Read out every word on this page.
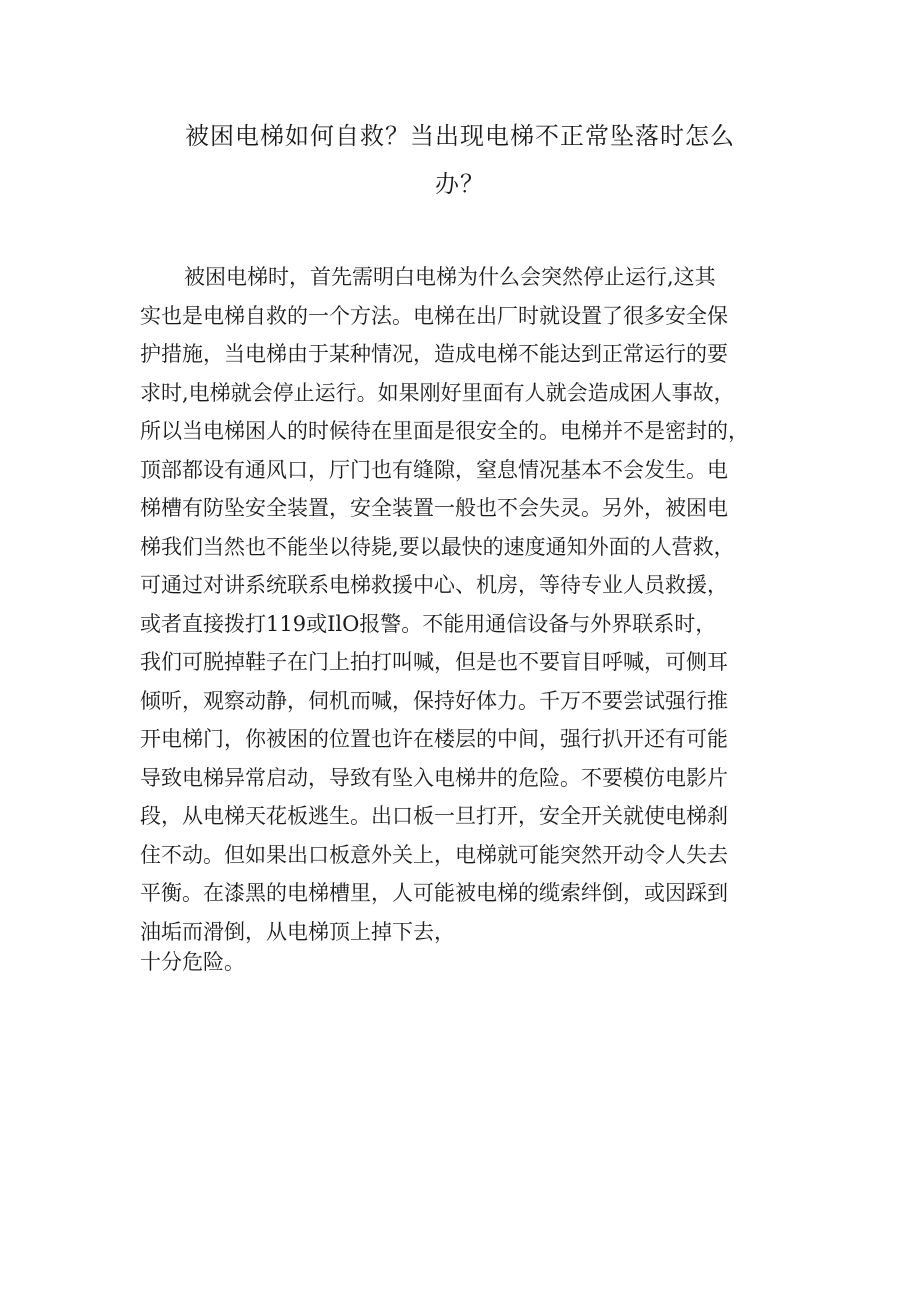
被困电梯如何自救？当出现电梯不正常坠落时怎么
办？
被困电梯时，首先需明白电梯为什么会突然停止运行,这其
实也是电梯自救的一个方法。电梯在出厂时就设置了很多安全保
护措施，当电梯由于某种情况，造成电梯不能达到正常运行的要
求时,电梯就会停止运行。如果刚好里面有人就会造成困人事故，
所以当电梯困人的时候待在里面是很安全的。电梯并不是密封的，
顶部都设有通风口，厅门也有缝隙，窒息情况基本不会发生。电
梯槽有防坠安全装置，安全装置一般也不会失灵。另外，被困电
梯我们当然也不能坐以待毙,要以最快的速度通知外面的人营救，
可通过对讲系统联系电梯救援中心、机房，等待专业人员救援，
或者直接拨打119或IlO报警。不能用通信设备与外界联系时，
我们可脱掉鞋子在门上拍打叫喊，但是也不要盲目呼喊，可侧耳
倾听，观察动静，伺机而喊，保持好体力。千万不要尝试强行推
开电梯门，你被困的位置也许在楼层的中间，强行扒开还有可能
导致电梯异常启动，导致有坠入电梯井的危险。不要模仿电影片
段，从电梯天花板逃生。出口板一旦打开，安全开关就使电梯刹
住不动。但如果出口板意外关上，电梯就可能突然开动令人失去
平衡。在漆黑的电梯槽里，人可能被电梯的缆索绊倒，或因踩到
油垢而滑倒，从电梯顶上掉下去，
十分危险。
